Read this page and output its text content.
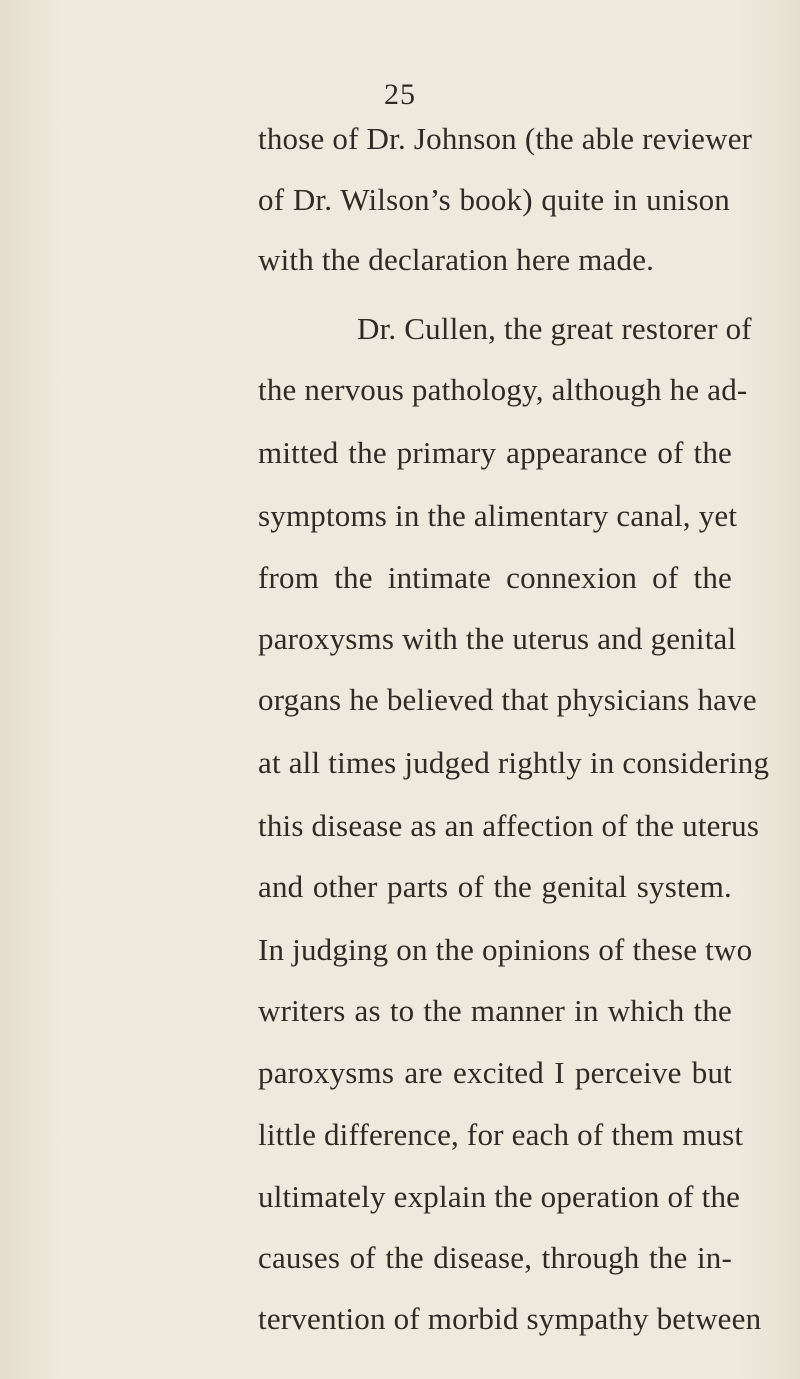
25
those of Dr. Johnson (the able reviewer
of Dr. Wilson’s book) quite in unison
with the declaration here made.
Dr. Cullen, the great restorer of
the nervous pathology, although he ad-
mitted the primary appearance of the
symptoms in the alimentary canal, yet
from the intimate connexion of the
paroxysms with the uterus and genital
organs he believed that physicians have
at all times judged rightly in considering
this disease as an affection of the uterus
and other parts of the genital system.
In judging on the opinions of these two
writers as to the manner in which the
paroxysms are excited I perceive but
little difference, for each of them must
ultimately explain the operation of the
causes of the disease, through the in-
tervention of morbid sympathy between
